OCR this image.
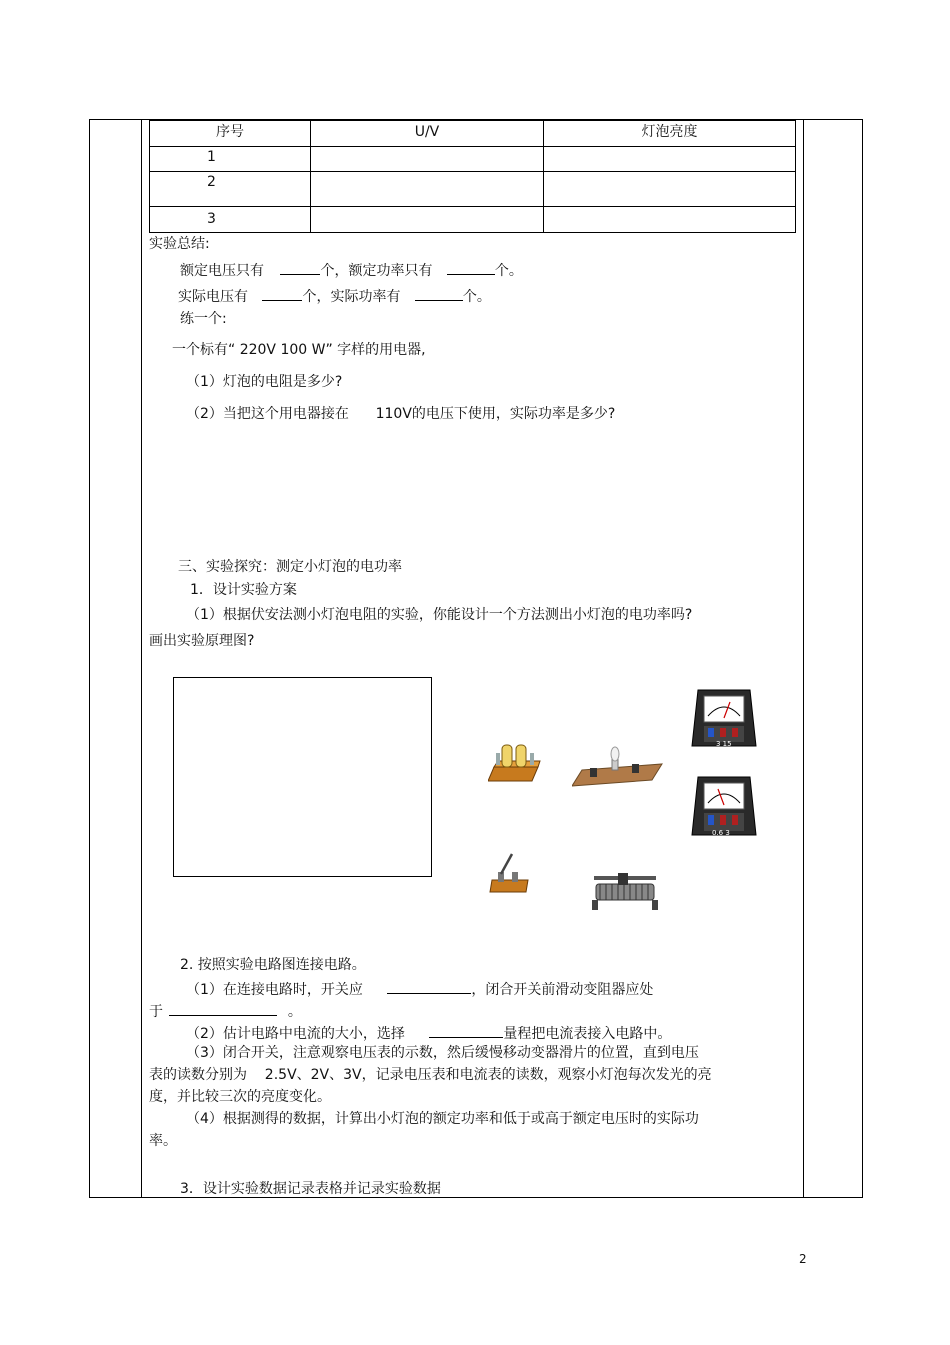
序号	U/V	灯泡亮度
1		
2		
3		
实验总结:
额定电压只有	个，额定功率只有	个。
实际电压有	个，实际功率有	个。
练一个:
一个标有“ 220V 100 W” 字样的用电器,
（1）灯泡的电阻是多少?
（2）当把这个用电器接在      110V的电压下使用，实际功率是多少?
三、实验探究：测定小灯泡的电功率
1．设计实验方案
（1）根据伏安法测小灯泡电阻的实验，你能设计一个方法测出小灯泡的电功率吗?
画出实验原理图?
3 15
0.6 3
2. 按照实验电路图连接电路。
（1）在连接电路时，开关应	，闭合开关前滑动变阻器应处
于	。
（2）估计电路中电流的大小，选择	量程把电流表接入电路中。
（3）闭合开关，注意观察电压表的示数，然后缓慢移动变器滑片的位置，直到电压
表的读数分别为    2.5V、2V、3V，记录电压表和电流表的读数，观察小灯泡每次发光的亮
度，并比较三次的亮度变化。
（4）根据测得的数据，计算出小灯泡的额定功率和低于或高于额定电压时的实际功
率。
3．设计实验数据记录表格并记录实验数据
2
